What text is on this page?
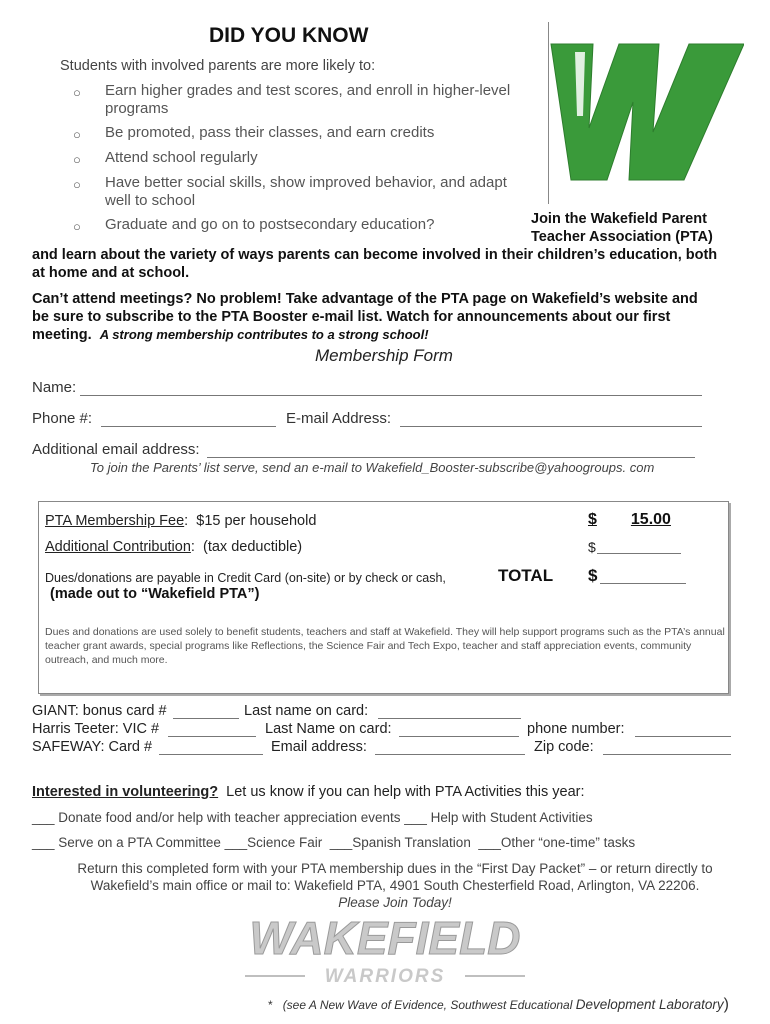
DID YOU KNOW
Students with involved parents are more likely to:
○ Earn higher grades and test scores, and enroll in higher-level
programs
○ Be promoted, pass their classes, and earn credits
○ Attend school regularly
○ Have better social skills, show improved behavior, and adapt
well to school
○ Graduate and go on to postsecondary education?	Join the Wakefield Parent
Teacher Association (PTA)
and learn about the variety of ways parents can become involved in their children’s education, both
at home and at school.
Can’t attend meetings? No problem! Take advantage of the PTA page on Wakefield’s website and
be sure to subscribe to the PTA Booster e-mail list. Watch for announcements about our first
meeting. A strong membership contributes to a strong school!
Membership Form
Name:
Phone #:	E-mail Address:
Additional email address:
To join the Parents’ list serve, send an e-mail to Wakefield_Booster-subscribe@yahoogroups. com
PTA Membership Fee: $15 per household	$ 15.00
Additional Contribution: (tax deductible)	$
Dues/donations are payable in Credit Card (on-site) or by check or cash,	TOTAL $
(made out to “Wakefield PTA”)
Dues and donations are used solely to benefit students, teachers and staff at Wakefield. They will help support programs such as the PTA’s annual teacher grant awards, special programs like Reflections, the Science Fair and Tech Expo, teacher and staff appreciation events, community outreach, and much more.
GIANT: bonus card #	Last name on card:
Harris Teeter: VIC #	Last Name on card:	phone number:
SAFEWAY: Card #	Email address:	Zip code:
Interested in volunteering? Let us know if you can help with PTA Activities this year:
___ Donate food and/or help with teacher appreciation events ___ Help with Student Activities
___ Serve on a PTA Committee ___Science Fair ___Spanish Translation ___Other “one-time” tasks
Return this completed form with your PTA membership dues in the “First Day Packet” – or return directly to
Wakefield’s main office or mail to: Wakefield PTA, 4901 South Chesterfield Road, Arlington, VA 22206.
Please Join Today!
WAKEFIELD
WARRIORS
* (see A New Wave of Evidence, Southwest Educational Development Laboratory)
